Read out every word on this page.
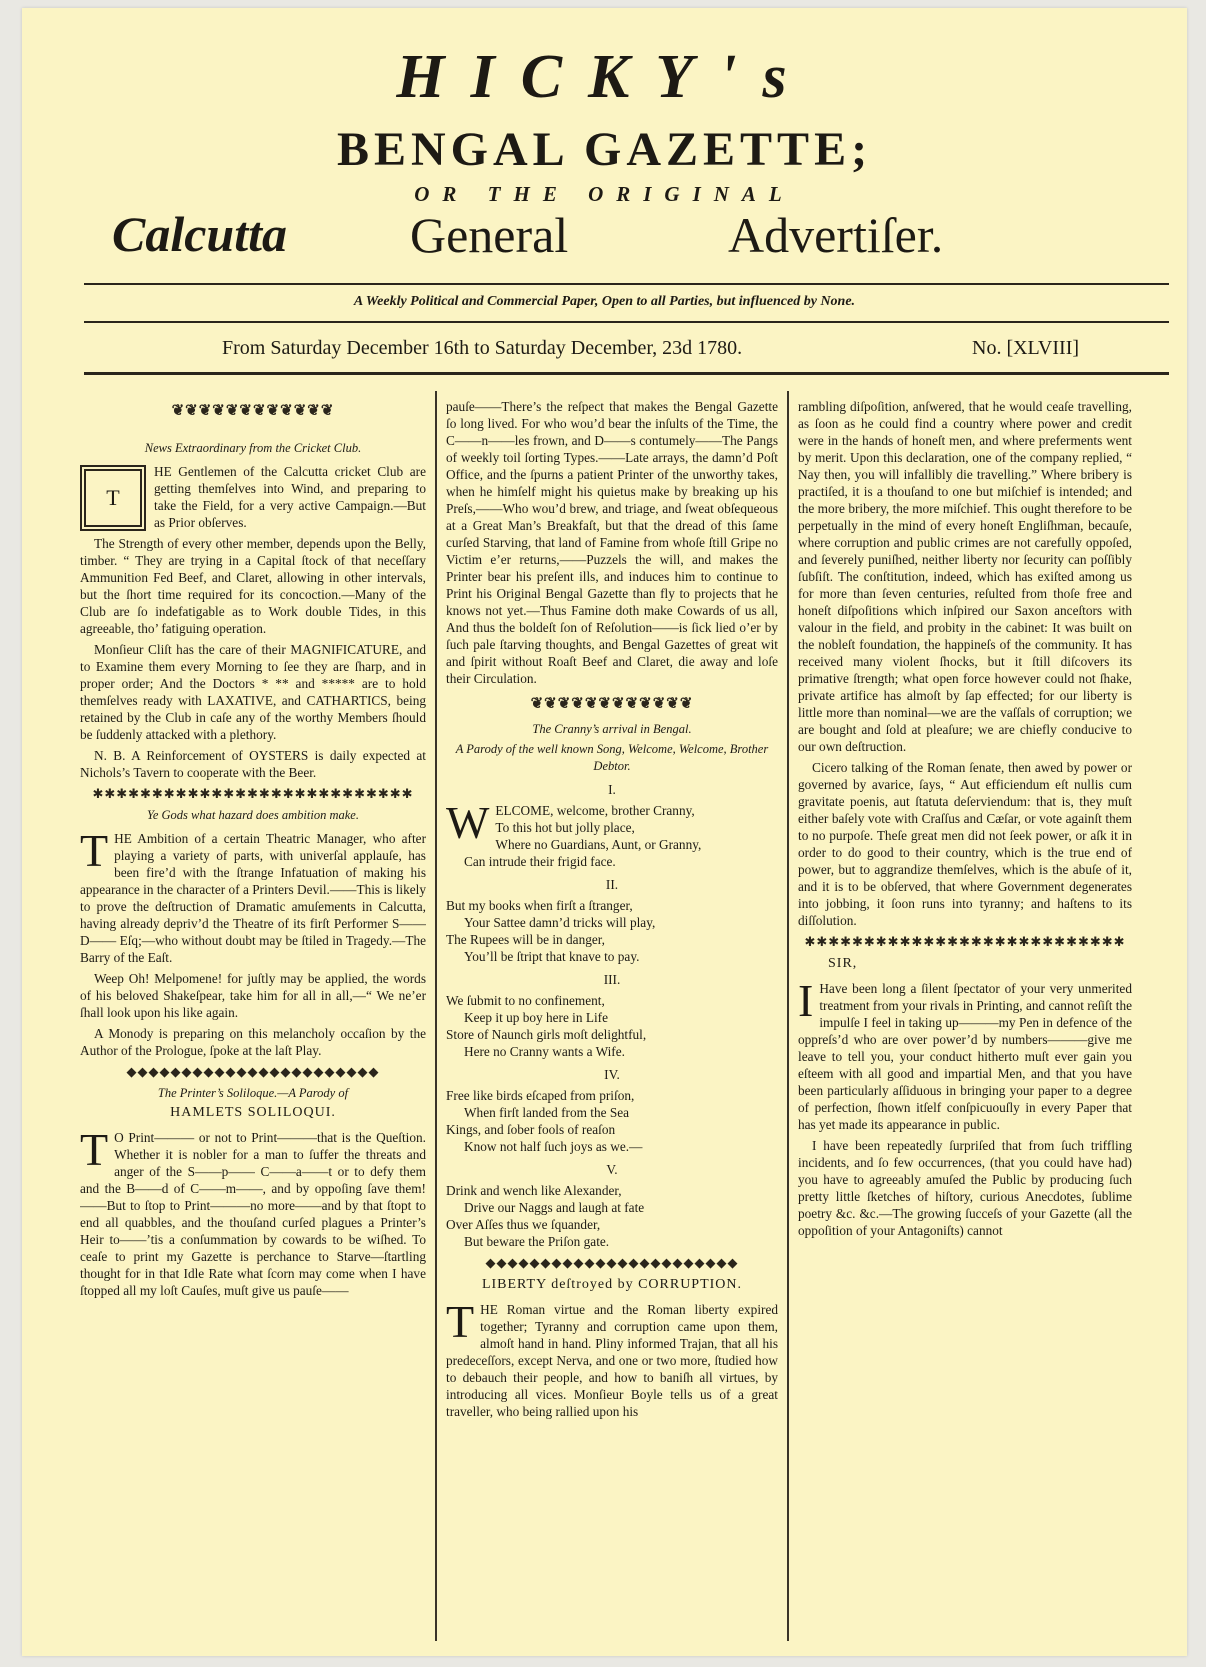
HICKY's
BENGAL GAZETTE;
OR THE ORIGINAL
Calcutta General	Advertiſer.
A Weekly Political and Commercial Paper, Open to all Parties, but influenced by None.
From Saturday December 16th to Saturday December, 23d 1780.	No. [XLVIII]
❦❦❦❦❦❦❦❦❦❦❦❦
News Extraordinary from the Cricket Club.
T

HE Gentlemen of the Calcutta cricket Club are getting themſelves into Wind, and preparing to take the Field, for a very active Campaign.—But as Prior obſerves.

The Strength of every other member, depends upon the Belly, timber. “ They are trying in a Capital ſtock of that neceſſary Ammunition Fed Beef, and Claret, allowing in other intervals, but the ſhort time required for its concoction.—Many of the Club are ſo indefatigable as to Work double Tides, in this agreeable, tho’ fatiguing operation.

Monſieur Cliſt has the care of their MAGNIFICATURE, and to Examine them every Morning to ſee they are ſharp, and in proper order; And the Doctors * ** and ***** are to hold themſelves ready with LAXATIVE, and CATHARTICS, being retained by the Club in caſe any of the worthy Members ſhould be ſuddenly attacked with a plethory.

N. B. A Reinforcement of OYSTERS is daily expected at Nichols’s Tavern to cooperate with the Beer.

✱✱✱✱✱✱✱✱✱✱✱✱✱✱✱✱✱✱✱✱✱✱✱✱✱✱✱
Ye Gods what hazard does ambition make.
T HE Ambition of a certain Theatric Manager, who after playing a variety of parts, with univerſal applauſe, has been fire’d with the ſtrange Infatuation of making his appearance in the character of a Printers Devil.——This is likely to prove the deſtruction of Dramatic amuſements in Calcutta, having already depriv’d the Theatre of its firſt Performer S—— D—— Eſq;—who without doubt may be ſtiled in Tragedy.—The Barry of the Eaſt.

Weep Oh! Melpomene! for juſtly may be applied, the words of his beloved Shakeſpear, take him for all in all,—“ We ne’er ſhall look upon his like again.

A Monody is preparing on this melancholy occaſion by the Author of the Prologue, ſpoke at the laſt Play.

◆◆◆◆◆◆◆◆◆◆◆◆◆◆◆◆◆◆◆◆◆◆◆
The Printer’s Soliloque.—A Parody of
HAMLETS SOLILOQUI.
T O Print——— or not to Print———that is the Queſtion. Whether it is nobler for a man to ſuffer the threats and anger of the S——p—— C——a——t or to defy them and the B——d of C——m——, and by oppoſing ſave them!——But to ſtop to Print———no more——and by that ſtopt to end all quabbles, and the thouſand curſed plagues a Printer’s Heir to——’tis a conſummation by cowards to be wiſhed. To ceaſe to print my Gazette is perchance to Starve—ſtartling thought for in that Idle Rate what ſcorn may come when I have ſtopped all my loſt Cauſes, muſt give us pauſe——

pauſe——There’s the reſpect that makes the Bengal Gazette ſo long lived. For who wou’d bear the inſults of the Time, the C——n——les frown, and D——s contumely——The Pangs of weekly toil ſorting Types.——Late arrays, the damn’d Poſt Office, and the ſpurns a patient Printer of the unworthy takes, when he himſelf might his quietus make by breaking up his Preſs,——Who wou’d brew, and triage, and ſweat obſequeous at a Great Man’s Breakfaſt, but that the dread of this ſame curſed Starving, that land of Famine from whoſe ſtill Gripe no Victim e’er returns,——Puzzels the will, and makes the Printer bear his preſent ills, and induces him to continue to Print his Original Bengal Gazette than fly to projects that he knows not yet.—Thus Famine doth make Cowards of us all, And thus the boldeſt ſon of Reſolution——is ſick lied o’er by ſuch pale ſtarving thoughts, and Bengal Gazettes of great wit and ſpirit without Roaſt Beef and Claret, die away and loſe their Circulation.

❦❦❦❦❦❦❦❦❦❦❦❦
The Cranny’s arrival in Bengal.
A Parody of the well known Song, Welcome, Welcome, Brother Debtor.
I.
W ELCOME, welcome, brother Cranny,
To this hot but jolly place,
Where no Guardians, Aunt, or Granny,
Can intrude their frigid face.
II.
But my books when firſt a ſtranger,
Your Sattee damn’d tricks will play,
The Rupees will be in danger,
You’ll be ſtript that knave to pay.
III.
We ſubmit to no confinement,
Keep it up boy here in Life
Store of Naunch girls moſt delightful,
Here no Cranny wants a Wife.
IV.
Free like birds eſcaped from priſon,
When firſt landed from the Sea
Kings, and ſober fools of reaſon
Know not half ſuch joys as we.—
V.
Drink and wench like Alexander,
Drive our Naggs and laugh at fate
Over Aſſes thus we ſquander,
But beware the Priſon gate.
◆◆◆◆◆◆◆◆◆◆◆◆◆◆◆◆◆◆◆◆◆◆◆
LIBERTY deſtroyed by CORRUPTION.
T HE Roman virtue and the Roman liberty expired together; Tyranny and corruption came upon them, almoſt hand in hand. Pliny informed Trajan, that all his predeceſſors, except Nerva, and one or two more, ſtudied how to debauch their people, and how to baniſh all virtues, by introducing all vices. Monſieur Boyle tells us of a great traveller, who being rallied upon his

rambling diſpoſition, anſwered, that he would ceaſe travelling, as ſoon as he could find a country where power and credit were in the hands of honeſt men, and where preferments went by merit. Upon this declaration, one of the company replied, “ Nay then, you will infallibly die travelling.” Where bribery is practiſed, it is a thouſand to one but miſchief is intended; and the more bribery, the more miſchief. This ought therefore to be perpetually in the mind of every honeſt Engliſhman, becauſe, where corruption and public crimes are not carefully oppoſed, and ſeverely puniſhed, neither liberty nor ſecurity can poſſibly ſubſiſt. The conſtitution, indeed, which has exiſted among us for more than ſeven centuries, reſulted from thoſe free and honeſt diſpoſitions which inſpired our Saxon anceſtors with valour in the field, and probity in the cabinet: It was built on the nobleſt foundation, the happineſs of the community. It has received many violent ſhocks, but it ſtill diſcovers its primative ſtrength; what open force however could not ſhake, private artifice has almoſt by ſap effected; for our liberty is little more than nominal—we are the vaſſals of corruption; we are bought and ſold at pleaſure; we are chiefly conducive to our own deſtruction.

Cicero talking of the Roman ſenate, then awed by power or governed by avarice, ſays, “ Aut efficiendum eſt nullis cum gravitate poenis, aut ſtatuta deſerviendum: that is, they muſt either baſely vote with Craſſus and Cæſar, or vote againſt them to no purpoſe. Theſe great men did not ſeek power, or aſk it in order to do good to their country, which is the true end of power, but to aggrandize themſelves, which is the abuſe of it, and it is to be obſerved, that where Government degenerates into jobbing, it ſoon runs into tyranny; and haſtens to its diſſolution.

✱✱✱✱✱✱✱✱✱✱✱✱✱✱✱✱✱✱✱✱✱✱✱✱✱✱✱
SIR,
I Have been long a ſilent ſpectator of your very unmerited treatment from your rivals in Printing, and cannot reſiſt the impulſe I feel in taking up———my Pen in defence of the oppreſs’d who are over power’d by numbers———give me leave to tell you, your conduct hitherto muſt ever gain you eſteem with all good and impartial Men, and that you have been particularly aſſiduous in bringing your paper to a degree of perfection, ſhown itſelf conſpicuouſly in every Paper that has yet made its appearance in public.

I have been repeatedly ſurpriſed that from ſuch triffling incidents, and ſo few occurrences, (that you could have had) you have to agreeably amuſed the Public by producing ſuch pretty little ſketches of hiſtory, curious Anecdotes, ſublime poetry &c. &c.—The growing ſucceſs of your Gazette (all the oppoſition of your Antagoniſts) cannot
